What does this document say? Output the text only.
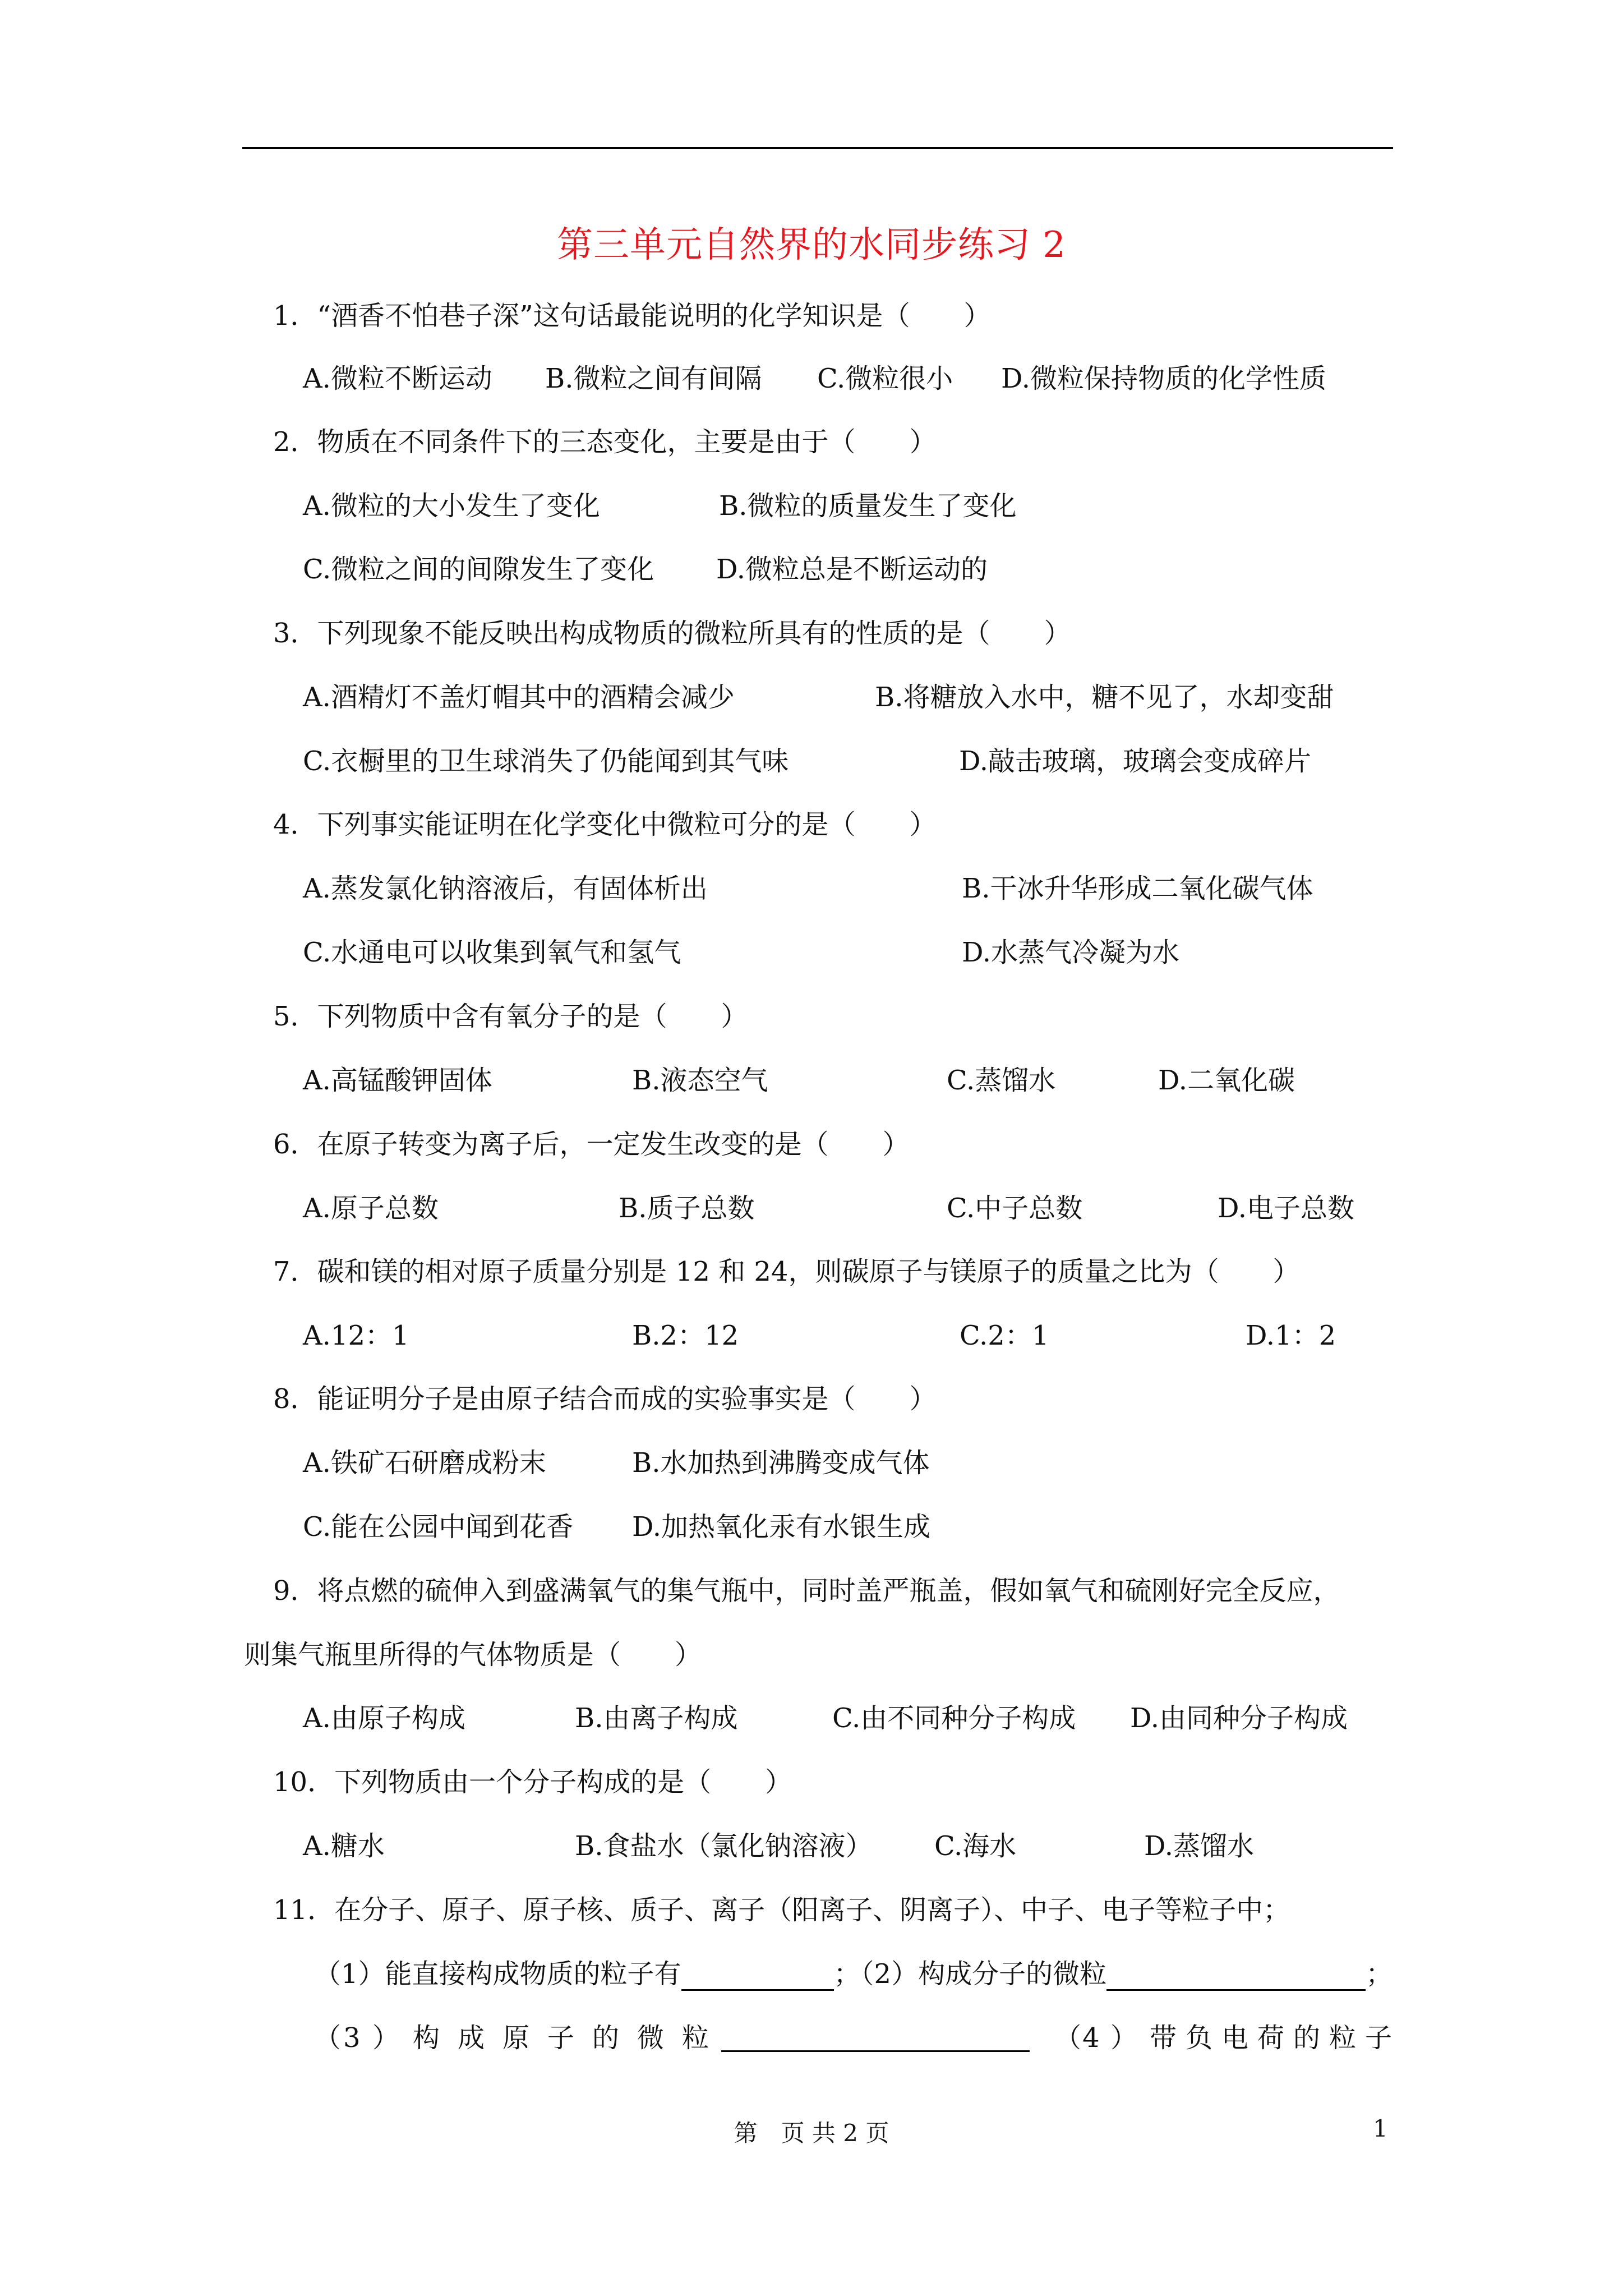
第三单元自然界的水同步练习 2
1．“酒香不怕巷子深”这句话最能说明的化学知识是（　　）
A.微粒不断运动 B.微粒之间有间隔 C.微粒很小 D.微粒保持物质的化学性质
2．物质在不同条件下的三态变化，主要是由于（　　）
A.微粒的大小发生了变化	B.微粒的质量发生了变化
C.微粒之间的间隙发生了变化 D.微粒总是不断运动的
3．下列现象不能反映出构成物质的微粒所具有的性质的是（　　）
A.酒精灯不盖灯帽其中的酒精会减少	B.将糖放入水中，糖不见了，水却变甜
C.衣橱里的卫生球消失了仍能闻到其气味	D.敲击玻璃，玻璃会变成碎片
4．下列事实能证明在化学变化中微粒可分的是（　　）
A.蒸发氯化钠溶液后，有固体析出	B.干冰升华形成二氧化碳气体
C.水通电可以收集到氧气和氢气	D.水蒸气冷凝为水
5．下列物质中含有氧分子的是（　　）
A.高锰酸钾固体	B.液态空气	C.蒸馏水	D.二氧化碳
6．在原子转变为离子后，一定发生改变的是（　　）
A.原子总数	B.质子总数	C.中子总数	D.电子总数
7．碳和镁的相对原子质量分别是 12 和 24，则碳原子与镁原子的质量之比为（　　）
A.12：1	B.2：12	C.2：1	D.1：2
8．能证明分子是由原子结合而成的实验事实是（　　）
A.铁矿石研磨成粉末	B.水加热到沸腾变成气体
C.能在公园中闻到花香 D.加热氧化汞有水银生成
9．将点燃的硫伸入到盛满氧气的集气瓶中，同时盖严瓶盖，假如氧气和硫刚好完全反应，
则集气瓶里所得的气体物质是（　　）
A.由原子构成	B.由离子构成	C.由不同种分子构成 D.由同种分子构成
10．下列物质由一个分子构成的是（　　）
A.糖水	B.食盐水（氯化钠溶液） C.海水	D.蒸馏水
11．在分子、原子、原子核、质子、离子（阳离子、阴离子）、中子、电子等粒子中；
（1）能直接构成物质的粒子有	；（2）构成分子的微粒	；
（ 3 ） 构 成 原 子 的 微 粒	（ 4 ） 带 负 电 荷 的 粒 子
第　页 共 2 页	1
